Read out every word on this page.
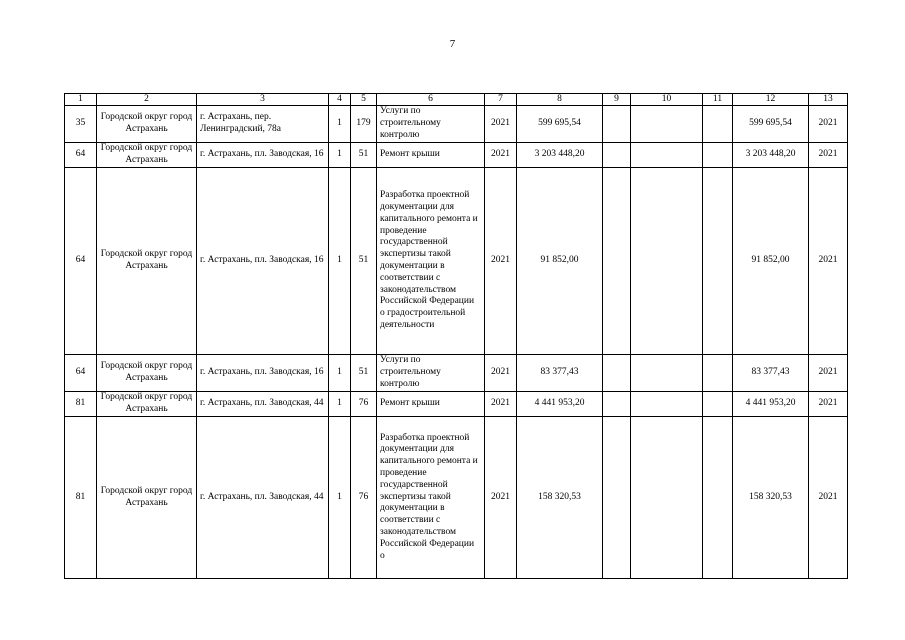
7
1	2	3	4	5	6	7	8	9	10	11	12	13
35	Городской округ город Астрахань	г. Астрахань, пер. Ленинградский, 78а	1	179	Услуги по строительному контролю	2021	599 695,54				599 695,54	2021
64	Городской округ город Астрахань	г. Астрахань, пл. Заводская, 16	1	51	Ремонт крыши	2021	3 203 448,20				3 203 448,20	2021
64	Городской округ город Астрахань	г. Астрахань, пл. Заводская, 16	1	51	Разработка проектной документации для капитального ремонта и проведение государственной экспертизы такой документации в соответствии с законодательством Российской Федерации о градостроительной деятельности	2021	91 852,00				91 852,00	2021
64	Городской округ город Астрахань	г. Астрахань, пл. Заводская, 16	1	51	Услуги по строительному контролю	2021	83 377,43				83 377,43	2021
81	Городской округ город Астрахань	г. Астрахань, пл. Заводская, 44	1	76	Ремонт крыши	2021	4 441 953,20				4 441 953,20	2021
81	Городской округ город Астрахань	г. Астрахань, пл. Заводская, 44	1	76	Разработка проектной документации для капитального ремонта и проведение государственной экспертизы такой документации в соответствии с законодательством Российской Федерации о	2021	158 320,53				158 320,53	2021
